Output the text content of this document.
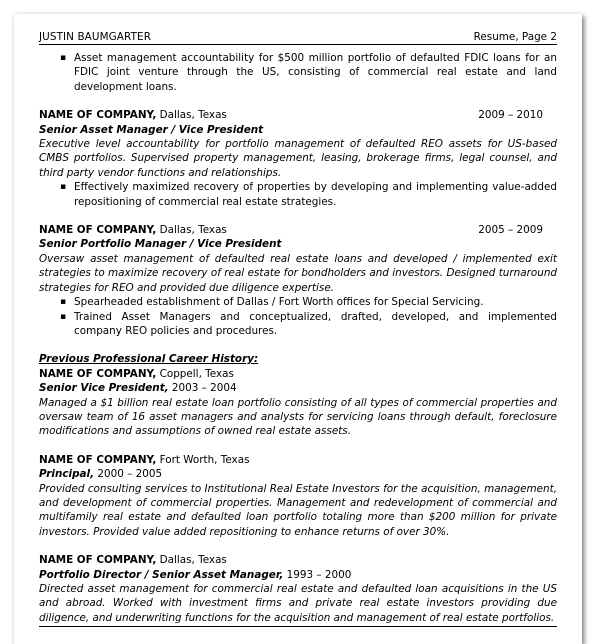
JUSTIN BAUMGARTER	Resume, Page 2
▪ Asset management accountability for $500 million portfolio of defaulted FDIC loans for an FDIC joint venture through the US, consisting of commercial real estate and land development loans.
NAME OF COMPANY, Dallas, Texas	2009 – 2010
Senior Asset Manager / Vice President
Executive level accountability for portfolio management of defaulted REO assets for US-based CMBS portfolios. Supervised property management, leasing, brokerage firms, legal counsel, and third party vendor functions and relationships.
▪ Effectively maximized recovery of properties by developing and implementing value-added repositioning of commercial real estate strategies.
NAME OF COMPANY, Dallas, Texas	2005 – 2009
Senior Portfolio Manager / Vice President
Oversaw asset management of defaulted real estate loans and developed / implemented exit strategies to maximize recovery of real estate for bondholders and investors. Designed turnaround strategies for REO and provided due diligence expertise.
▪ Spearheaded establishment of Dallas / Fort Worth offices for Special Servicing.
▪ Trained Asset Managers and conceptualized, drafted, developed, and implemented company REO policies and procedures.
Previous Professional Career History:
NAME OF COMPANY, Coppell, Texas
Senior Vice President, 2003 – 2004
Managed a $1 billion real estate loan portfolio consisting of all types of commercial properties and oversaw team of 16 asset managers and analysts for servicing loans through default, foreclosure modifications and assumptions of owned real estate assets.
NAME OF COMPANY, Fort Worth, Texas
Principal, 2000 – 2005
Provided consulting services to Institutional Real Estate Investors for the acquisition, management, and development of commercial properties. Management and redevelopment of commercial and multifamily real estate and defaulted loan portfolio totaling more than $200 million for private investors. Provided value added repositioning to enhance returns of over 30%.
NAME OF COMPANY, Dallas, Texas
Portfolio Director / Senior Asset Manager, 1993 – 2000
Directed asset management for commercial real estate and defaulted loan acquisitions in the US and abroad. Worked with investment firms and private real estate investors providing due diligence, and underwriting functions for the acquisition and management of real estate portfolios.
